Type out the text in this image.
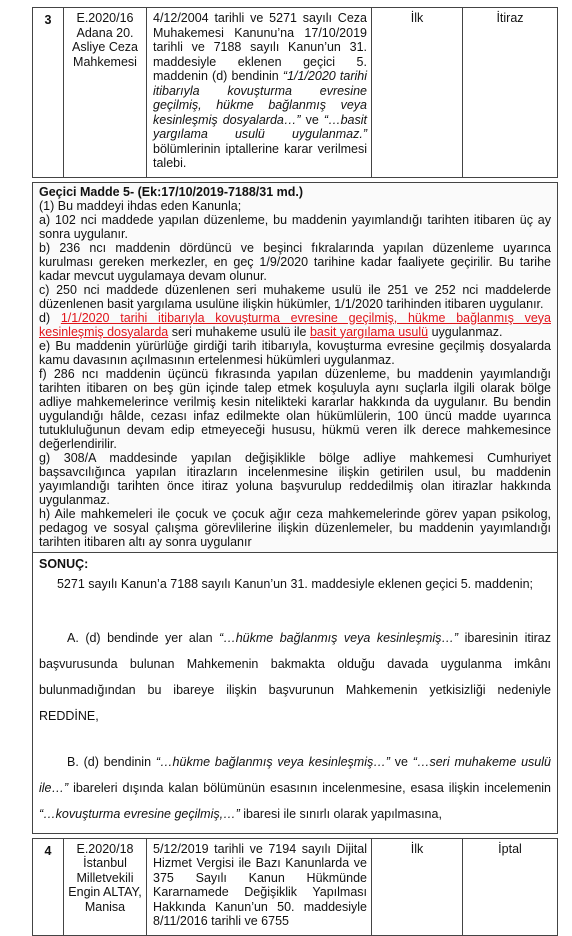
3	E.2020/16 Adana 20. Asliye Ceza Mahkemesi	4/12/2004 tarihli ve 5271 sayılı Ceza Muhakemesi Kanunu’na 17/10/2019 tarihli ve 7188 sayılı Kanun’un 31. maddesiyle eklenen geçici 5. maddenin (d) bendinin “1/1/2020 tarihi itibarıyla kovuşturma evresine geçilmiş, hükme bağlanmış veya kesinleşmiş dosyalarda…” ve “…basit yargılama usulü uygulanmaz.” bölümlerinin iptallerine karar verilmesi talebi.	İlk	İtiraz

Geçici Madde 5- (Ek:17/10/2019-7188/31 md.)

(1) Bu maddeyi ihdas eden Kanunla;

a) 102 nci maddede yapılan düzenleme, bu maddenin yayımlandığı tarihten itibaren üç ay sonra uygulanır.

b) 236 ncı maddenin dördüncü ve beşinci fıkralarında yapılan düzenleme uyarınca kurulması gereken merkezler, en geç 1/9/2020 tarihine kadar faaliyete geçirilir. Bu tarihe kadar mevcut uygulamaya devam olunur.

c) 250 nci maddede düzenlenen seri muhakeme usulü ile 251 ve 252 nci maddelerde düzenlenen basit yargılama usulüne ilişkin hükümler, 1/1/2020 tarihinden itibaren uygulanır.

d) 1/1/2020 tarihi itibarıyla kovuşturma evresine geçilmiş, hükme bağlanmış veya kesinleşmiş dosyalarda seri muhakeme usulü ile basit yargılama usulü uygulanmaz.

e) Bu maddenin yürürlüğe girdiği tarih itibarıyla, kovuşturma evresine geçilmiş dosyalarda kamu davasının açılmasının ertelenmesi hükümleri uygulanmaz.

f) 286 ncı maddenin üçüncü fıkrasında yapılan düzenleme, bu maddenin yayımlandığı tarihten itibaren on beş gün içinde talep etmek koşuluyla aynı suçlarla ilgili olarak bölge adliye mahkemelerince verilmiş kesin nitelikteki kararlar hakkında da uygulanır. Bu bendin uygulandığı hâlde, cezası infaz edilmekte olan hükümlülerin, 100 üncü madde uyarınca tutukluluğunun devam edip etmeyeceği hususu, hükmü veren ilk derece mahkemesince değerlendirilir.

g) 308/A maddesinde yapılan değişiklikle bölge adliye mahkemesi Cumhuriyet başsavcılığınca yapılan itirazların incelenmesine ilişkin getirilen usul, bu maddenin yayımlandığı tarihten önce itiraz yoluna başvurulup reddedilmiş olan itirazlar hakkında uygulanmaz.

h) Aile mahkemeleri ile çocuk ve çocuk ağır ceza mahkemelerinde görev yapan psikolog, pedagog ve sosyal çalışma görevlilerine ilişkin düzenlemeler, bu maddenin yayımlandığı tarihten itibaren altı ay sonra uygulanır

SONUÇ:

5271 sayılı Kanun’a 7188 sayılı Kanun’un 31. maddesiyle eklenen geçici 5. maddenin;

A. (d) bendinde yer alan “…hükme bağlanmış veya kesinleşmiş…” ibaresinin itiraz başvurusunda bulunan Mahkemenin bakmakta olduğu davada uygulanma imkânı bulunmadığından bu ibareye ilişkin başvurunun Mahkemenin yetkisizliği nedeniyle REDDİNE,

B. (d) bendinin “…hükme bağlanmış veya kesinleşmiş…” ve “…seri muhakeme usulü ile…” ibareleri dışında kalan bölümünün esasının incelenmesine, esasa ilişkin incelemenin “…kovuşturma evresine geçilmiş,…” ibaresi ile sınırlı olarak yapılmasına,

4	E.2020/18 İstanbul Milletvekili Engin ALTAY, Manisa	5/12/2019 tarihli ve 7194 sayılı Dijital Hizmet Vergisi ile Bazı Kanunlarda ve 375 Sayılı Kanun Hükmünde Kararnamede Değişiklik Yapılması Hakkında Kanun’un 50. maddesiyle 8/11/2016 tarihli ve 6755	İlk	İptal
